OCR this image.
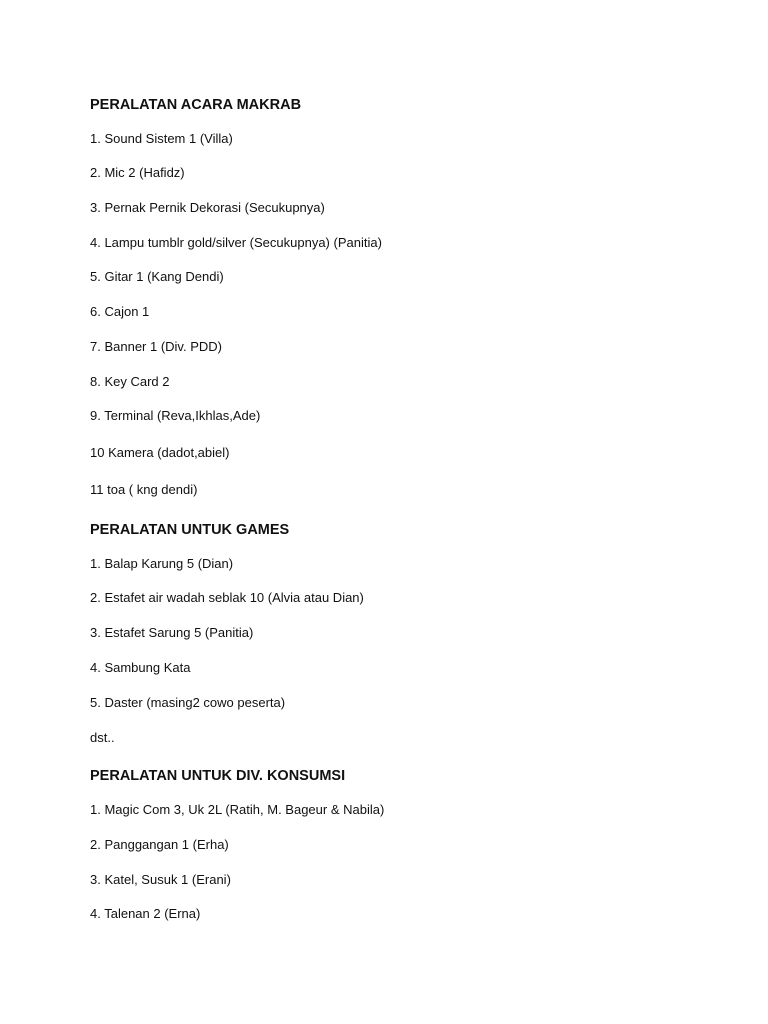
PERALATAN ACARA MAKRAB
1. Sound Sistem 1 (Villa)
2. Mic 2 (Hafidz)
3. Pernak Pernik Dekorasi (Secukupnya)
4. Lampu tumblr gold/silver (Secukupnya) (Panitia)
5. Gitar 1 (Kang Dendi)
6. Cajon 1
7. Banner 1 (Div. PDD)
8. Key Card 2
9. Terminal (Reva,Ikhlas,Ade)
10 Kamera (dadot,abiel)
11 toa ( kng dendi)
PERALATAN UNTUK GAMES
1. Balap Karung 5 (Dian)
2. Estafet air wadah seblak 10 (Alvia atau Dian)
3. Estafet Sarung 5 (Panitia)
4. Sambung Kata
5. Daster (masing2 cowo peserta)
dst..
PERALATAN UNTUK DIV. KONSUMSI
1. Magic Com 3, Uk 2L (Ratih, M. Bageur & Nabila)
2. Panggangan 1 (Erha)
3. Katel, Susuk 1 (Erani)
4. Talenan 2 (Erna)
